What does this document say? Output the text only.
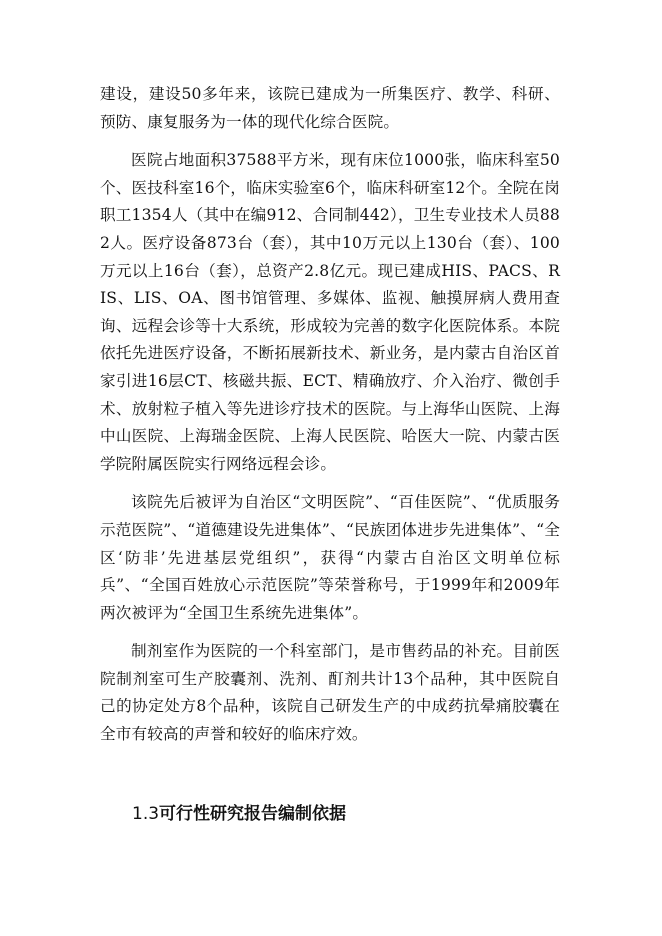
建设，建设50多年来，该院已建成为一所集医疗、教学、科研、预防、康复服务为一体的现代化综合医院。

医院占地面积37588平方米，现有床位1000张，临床科室50个、医技科室16个，临床实验室6个，临床科研室12个。全院在岗职工1354人（其中在编912、合同制442），卫生专业技术人员882人。医疗设备873台（套），其中10万元以上130台（套）、100万元以上16台（套），总资产2.8亿元。现已建成HIS、PACS、RIS、LIS、OA、图书馆管理、多媒体、监视、触摸屏病人费用查询、远程会诊等十大系统，形成较为完善的数字化医院体系。本院依托先进医疗设备，不断拓展新技术、新业务，是内蒙古自治区首家引进16层CT、核磁共振、ECT、精确放疗、介入治疗、微创手术、放射粒子植入等先进诊疗技术的医院。与上海华山医院、上海中山医院、上海瑞金医院、上海人民医院、哈医大一院、内蒙古医学院附属医院实行网络远程会诊。

该院先后被评为自治区“文明医院”、“百佳医院”、“优质服务示范医院”、“道德建设先进集体”、“民族团体进步先进集体”、“全区‘防非’先进基层党组织”，获得“内蒙古自治区文明单位标兵”、“全国百姓放心示范医院”等荣誉称号，于1999年和2009年两次被评为“全国卫生系统先进集体”。

制剂室作为医院的一个科室部门，是市售药品的补充。目前医院制剂室可生产胶囊剂、洗剂、酊剂共计13个品种，其中医院自己的协定处方8个品种，该院自己研发生产的中成药抗晕痛胶囊在全市有较高的声誉和较好的临床疗效。

1.3可行性研究报告编制依据
